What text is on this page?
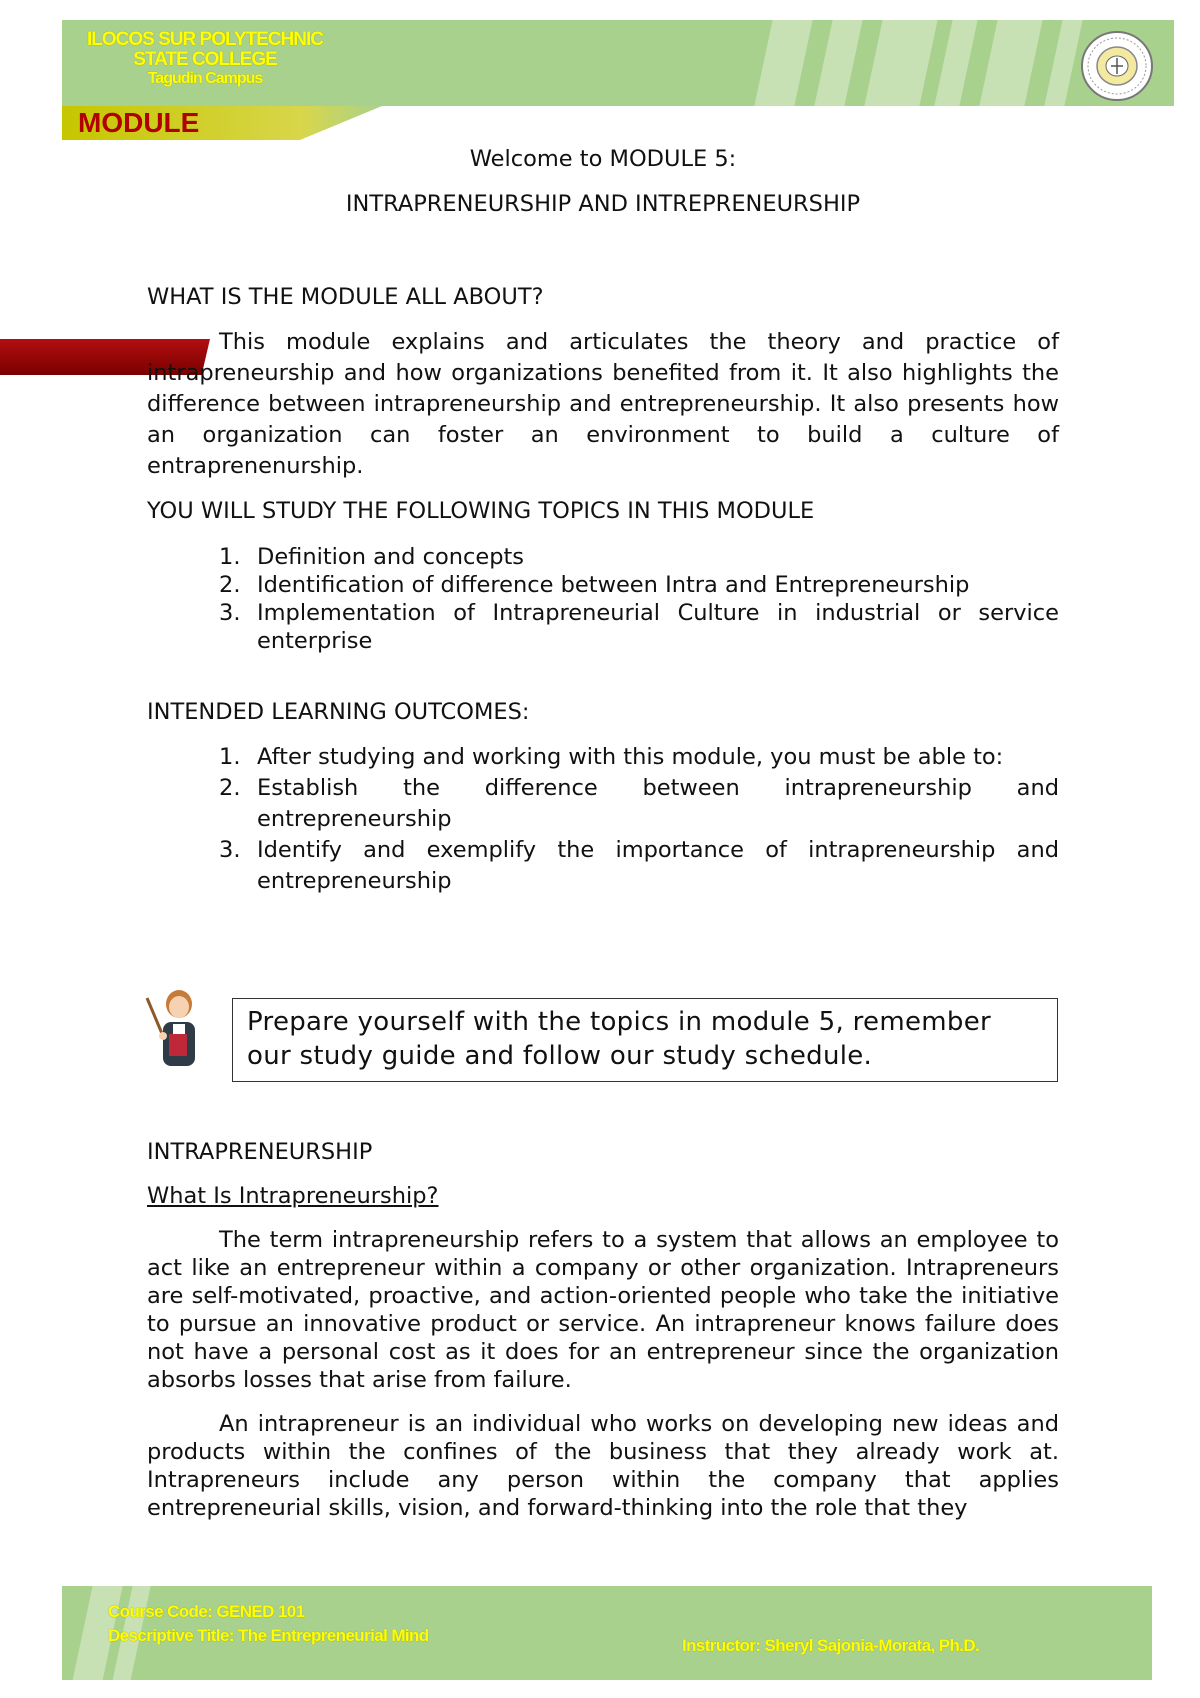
ILOCOS SUR POLYTECHNIC
STATE COLLEGE
Tagudin Campus
MODULE

Welcome to MODULE 5:

INTRAPRENEURSHIP AND INTREPRENEURSHIP

WHAT IS THE MODULE ALL ABOUT?

This module explains and articulates the theory and practice of intrapreneurship and how organizations benefited from it. It also highlights the difference between intrapreneurship and entrepreneurship. It also presents how an organization can foster an environment to build a culture of entraprenenurship.

YOU WILL STUDY THE FOLLOWING TOPICS IN THIS MODULE

1. Definition and concepts
2. Identification of difference between Intra and Entrepreneurship
3. Implementation of Intrapreneurial Culture in industrial or service enterprise

INTENDED LEARNING OUTCOMES:

1. After studying and working with this module, you must be able to:
2. Establish the difference between intrapreneurship and entrepreneurship
3. Identify and exemplify the importance of intrapreneurship and entrepreneurship
Prepare yourself with the topics in module 5, remember our study guide and follow our study schedule.

INTRAPRENEURSHIP

What Is Intrapreneurship?

The term intrapreneurship refers to a system that allows an employee to act like an entrepreneur within a company or other organization. Intrapreneurs are self-motivated, proactive, and action-oriented people who take the initiative to pursue an innovative product or service. An intrapreneur knows failure does not have a personal cost as it does for an entrepreneur since the organization absorbs losses that arise from failure.

An intrapreneur is an individual who works on developing new ideas and products within the confines of the business that they already work at. Intrapreneurs include any person within the company that applies entrepreneurial skills, vision, and forward-thinking into the role that they

Course Code: GENED 101
Descriptive Title: The Entrepreneurial Mind
Instructor: Sheryl Sajonia-Morata, Ph.D.
